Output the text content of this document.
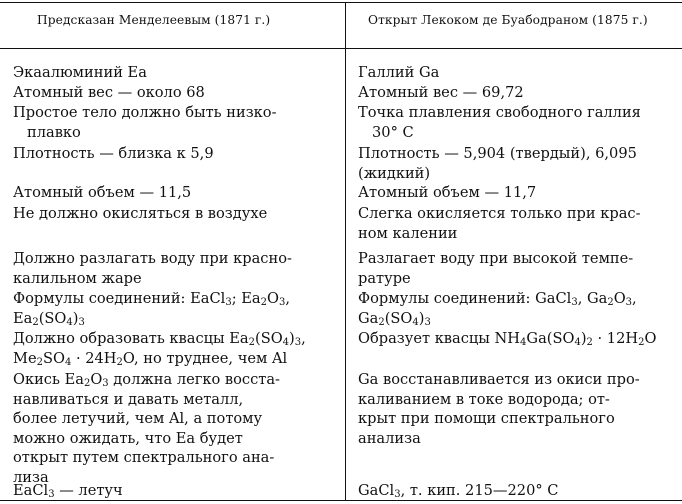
Предсказан Менделеевым (1871 г.)	Открыт Лекоком де Буабодраном (1875 г.)
Экаалюминий Еа
Атомный вес — около 68
Простое тело должно быть низко-
плавко
Плотность — близка к 5,9
Атомный объем — 11,5
Не должно окисляться в воздухе
Должно разлагать воду при красно-
калильном жаре
Формулы соединений: EaCl$_3$; $Ea_2O_3$,
$Ea_2(SO_4)_3$
Должно образовать квасцы $Ea_2(SO_4)_3$,
$Me_2SO_4 \cdot 24H_2O$, но труднее, чем Al
Окись $Ea_2O_3$ должна легко восста-
навливаться и давать металл,
более летучий, чем Al, а потому
можно ожидать, что Еа будет
открыт путем спектрального ана-
лиза
EaCl$_3$ — летуч
Галлий Ga
Атомный вес — 69,72
Точка плавления свободного галлия
30° С
Плотность — 5,904 (твердый), 6,095
(жидкий)
Атомный объем — 11,7
Слегка окисляется только при крас-
ном калении
Разлагает воду при высокой темпе-
ратуре
Формулы соединений: GaCl$_3$, $Ga_2O_3$,
$Ga_2(SO_4)_3$
Образует квасцы $NH_4Ga(SO_4)_2 \cdot 12H_2O$
Ga восстанавливается из окиси про-
каливанием в токе водорода; от-
крыт при помощи спектрального
анализа
GaCl$_3$, т. кип. 215—220° С
